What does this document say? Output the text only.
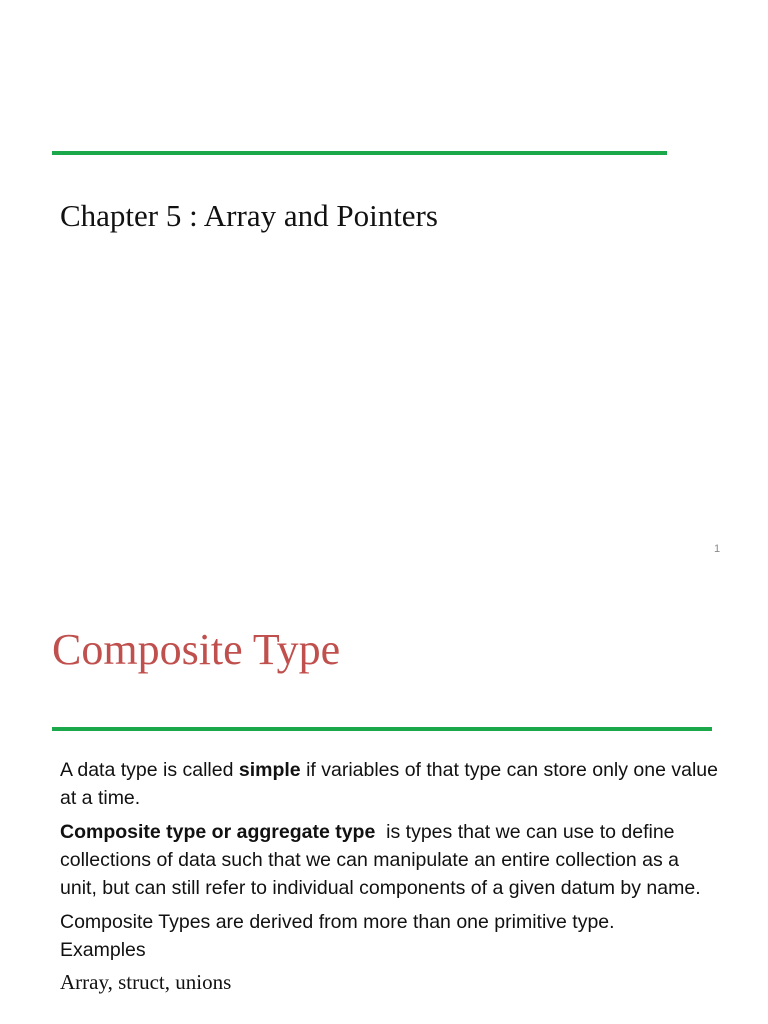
Chapter 5 : Array and Pointers
1
Composite Type

A data type is called simple if variables of that type can store only one value at a time.

Composite type or aggregate type  is types that we can use to define collections of data such that we can manipulate an entire collection as a unit, but can still refer to individual components of a given datum by name.

Composite Types are derived from more than one primitive type.
Examples

Array, struct, unions
